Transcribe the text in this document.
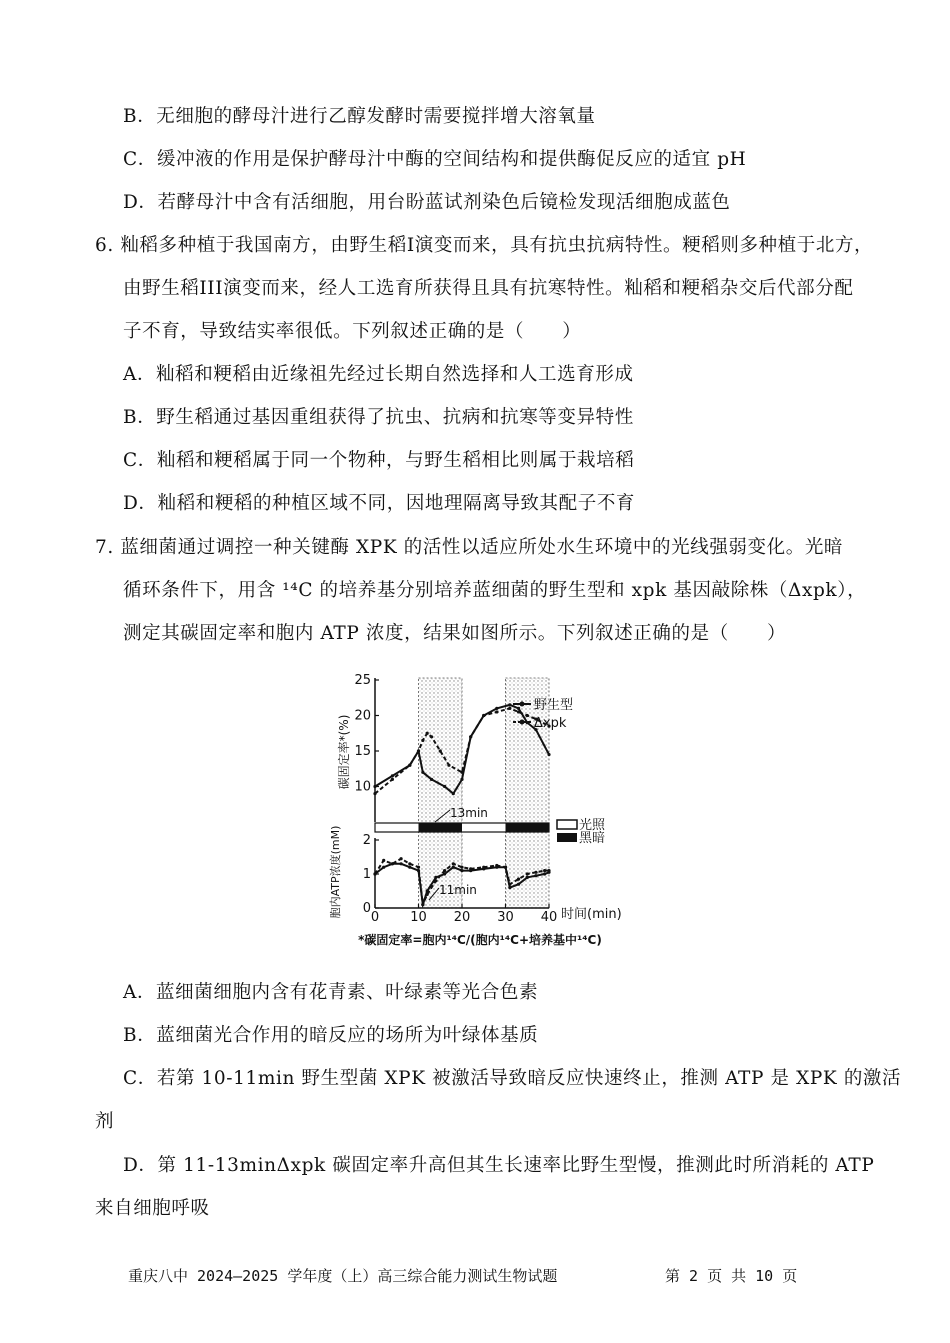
B．无细胞的酵母汁进行乙醇发酵时需要搅拌增大溶氧量
C．缓冲液的作用是保护酵母汁中酶的空间结构和提供酶促反应的适宜 pH
D．若酵母汁中含有活细胞，用台盼蓝试剂染色后镜检发现活细胞成蓝色
6. 籼稻多种植于我国南方，由野生稻I演变而来，具有抗虫抗病特性。粳稻则多种植于北方，
由野生稻III演变而来，经人工选育所获得且具有抗寒特性。籼稻和粳稻杂交后代部分配
子不育，导致结实率很低。下列叙述正确的是（　　）
A．籼稻和粳稻由近缘祖先经过长期自然选择和人工选育形成
B．野生稻通过基因重组获得了抗虫、抗病和抗寒等变异特性
C．籼稻和粳稻属于同一个物种，与野生稻相比则属于栽培稻
D．籼稻和粳稻的种植区域不同，因地理隔离导致其配子不育
7. 蓝细菌通过调控一种关键酶 XPK 的活性以适应所处水生环境中的光线强弱变化。光暗
循环条件下，用含 ¹⁴C 的培养基分别培养蓝细菌的野生型和 xpk 基因敲除株（Δxpk），
测定其碳固定率和胞内 ATP 浓度，结果如图所示。下列叙述正确的是（　　）
10
15
20
25
0
1
2
0 10 20 30 40
野生型
Δxpk
光照
黑暗
碳固定率*(%)
胞内ATP浓度(mM)
13min
11min
时间(min)
*碳固定率=胞内¹⁴C/(胞内¹⁴C+培养基中¹⁴C)
A．蓝细菌细胞内含有花青素、叶绿素等光合色素
B．蓝细菌光合作用的暗反应的场所为叶绿体基质
C．若第 10-11min 野生型菌 XPK 被激活导致暗反应快速终止，推测 ATP 是 XPK 的激活
剂
D．第 11-13minΔxpk 碳固定率升高但其生长速率比野生型慢，推测此时所消耗的 ATP
来自细胞呼吸
重庆八中 2024—2025 学年度（上）高三综合能力测试生物试题	第 2 页 共 10 页
